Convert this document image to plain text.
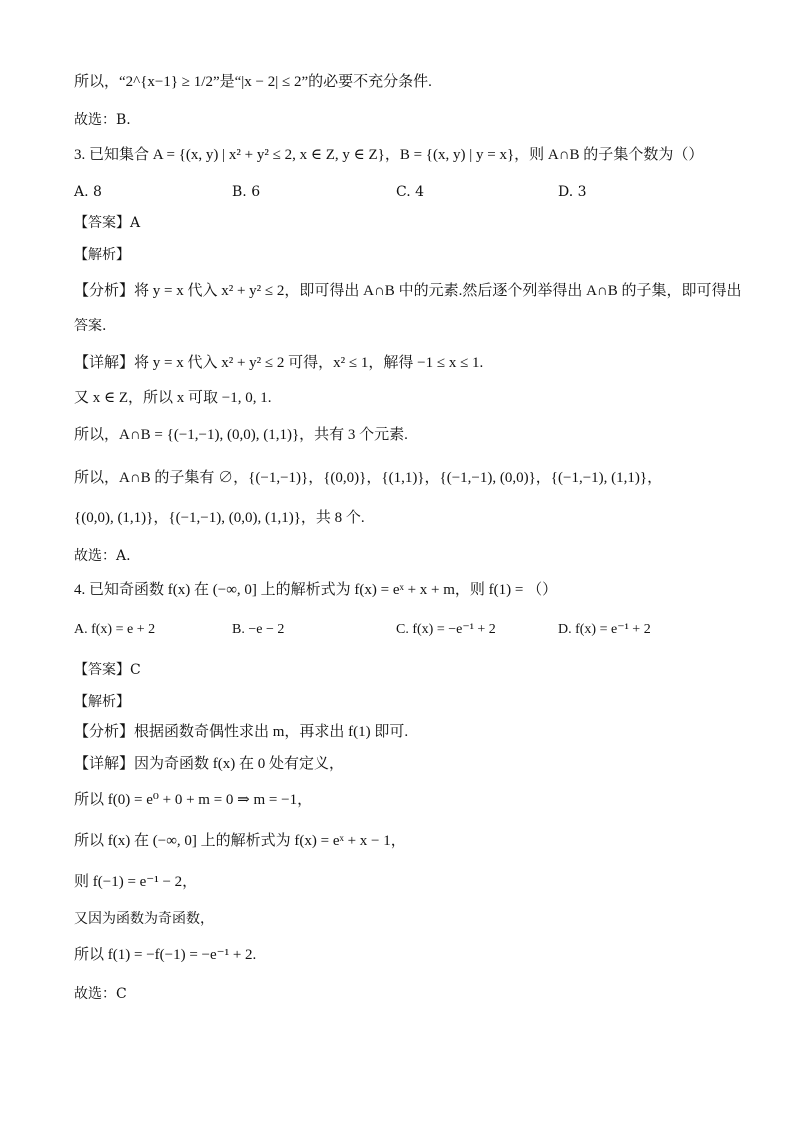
所以，“2^{x−1} ≥ 1/2”是“|x − 2| ≤ 2”的必要不充分条件.
故选：B.
3. 已知集合 A = {(x, y) | x² + y² ≤ 2, x ∈ Z, y ∈ Z}，B = {(x, y) | y = x}，则 A∩B 的子集个数为（）
A. 8	B. 6	C. 4	D. 3
【答案】A
【解析】
【分析】将 y = x 代入 x² + y² ≤ 2，即可得出 A∩B 中的元素.然后逐个列举得出 A∩B 的子集，即可得出
答案.
【详解】将 y = x 代入 x² + y² ≤ 2 可得，x² ≤ 1，解得 −1 ≤ x ≤ 1.
又 x ∈ Z，所以 x 可取 −1, 0, 1.
所以，A∩B = {(−1,−1), (0,0), (1,1)}，共有 3 个元素.
所以，A∩B 的子集有 ∅，{(−1,−1)}，{(0,0)}，{(1,1)}，{(−1,−1), (0,0)}，{(−1,−1), (1,1)}，
{(0,0), (1,1)}，{(−1,−1), (0,0), (1,1)}，共 8 个.
故选：A.
4. 已知奇函数 f(x) 在 (−∞, 0] 上的解析式为 f(x) = eˣ + x + m，则 f(1) = （）
A. f(x) = e + 2	B. −e − 2	C. f(x) = −e⁻¹ + 2	D. f(x) = e⁻¹ + 2
【答案】C
【解析】
【分析】根据函数奇偶性求出 m，再求出 f(1) 即可.
【详解】因为奇函数 f(x) 在 0 处有定义，
所以 f(0) = e⁰ + 0 + m = 0 ⇒ m = −1，
所以 f(x) 在 (−∞, 0] 上的解析式为 f(x) = eˣ + x − 1，
则 f(−1) = e⁻¹ − 2，
又因为函数为奇函数，
所以 f(1) = −f(−1) = −e⁻¹ + 2.
故选：C
